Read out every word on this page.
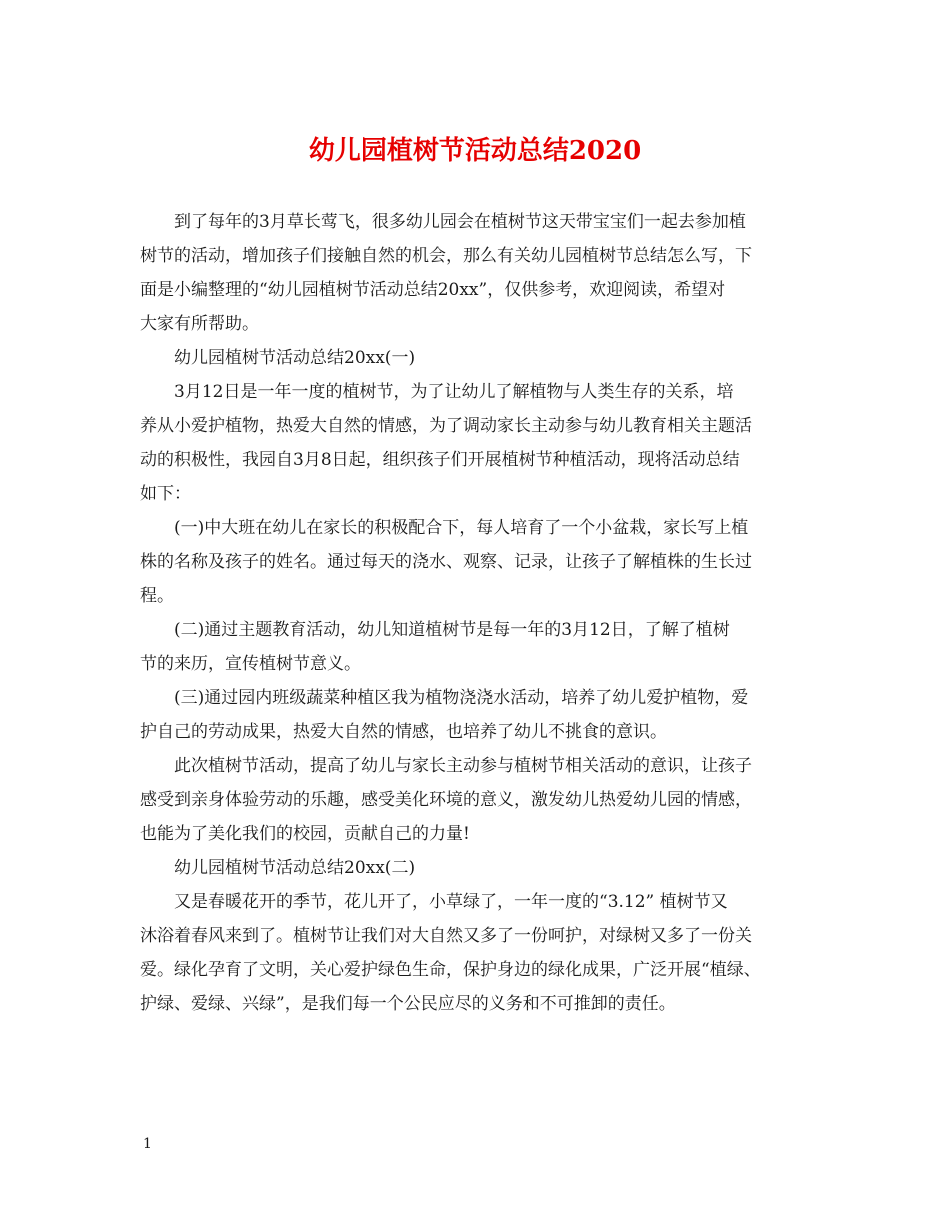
幼儿园植树节活动总结2020
到了每年的3月草长莺飞，很多幼儿园会在植树节这天带宝宝们一起去参加植
树节的活动，增加孩子们接触自然的机会，那么有关幼儿园植树节总结怎么写，下
面是小编整理的“幼儿园植树节活动总结20xx”，仅供参考，欢迎阅读，希望对
大家有所帮助。
幼儿园植树节活动总结20xx(一)
3月12日是一年一度的植树节，为了让幼儿了解植物与人类生存的关系，培
养从小爱护植物，热爱大自然的情感，为了调动家长主动参与幼儿教育相关主题活
动的积极性，我园自3月8日起，组织孩子们开展植树节种植活动，现将活动总结
如下：
(一)中大班在幼儿在家长的积极配合下，每人培育了一个小盆栽，家长写上植
株的名称及孩子的姓名。通过每天的浇水、观察、记录，让孩子了解植株的生长过
程。
(二)通过主题教育活动，幼儿知道植树节是每一年的3月12日，了解了植树
节的来历，宣传植树节意义。
(三)通过园内班级蔬菜种植区我为植物浇浇水活动，培养了幼儿爱护植物，爱
护自己的劳动成果，热爱大自然的情感，也培养了幼儿不挑食的意识。
此次植树节活动，提高了幼儿与家长主动参与植树节相关活动的意识，让孩子
感受到亲身体验劳动的乐趣，感受美化环境的意义，激发幼儿热爱幼儿园的情感，
也能为了美化我们的校园，贡献自己的力量!
幼儿园植树节活动总结20xx(二)
又是春暖花开的季节，花儿开了，小草绿了，一年一度的“3.12” 植树节又
沐浴着春风来到了。植树节让我们对大自然又多了一份呵护，对绿树又多了一份关
爱。绿化孕育了文明，关心爱护绿色生命，保护身边的绿化成果，广泛开展“植绿、
护绿、爱绿、兴绿”，是我们每一个公民应尽的义务和不可推卸的责任。
1
